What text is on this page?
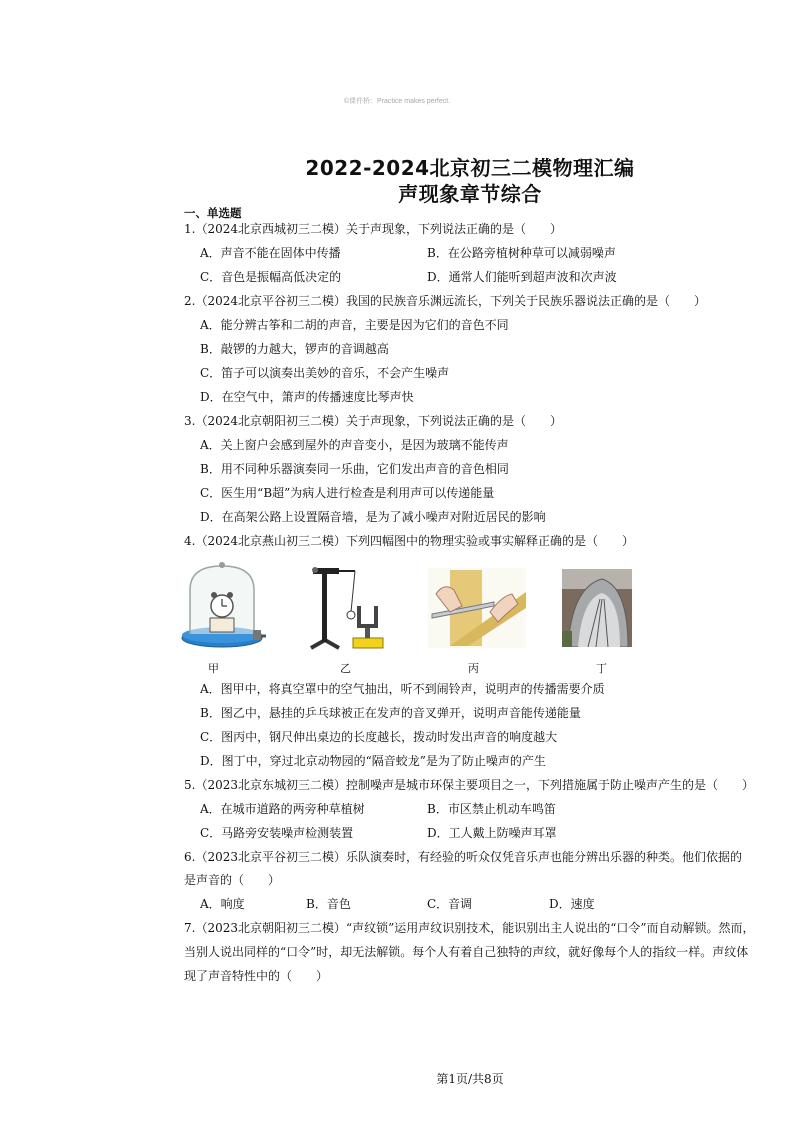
©课件桥：Practice makes perfect.
2022-2024北京初三二模物理汇编
声现象章节综合
一、单选题
1.（2024北京西城初三二模）关于声现象，下列说法正确的是（　　）
A．声音不能在固体中传播	B．在公路旁植树种草可以减弱噪声
C．音色是振幅高低决定的	D．通常人们能听到超声波和次声波
2.（2024北京平谷初三二模）我国的民族音乐渊远流长，下列关于民族乐器说法正确的是（　　）
A．能分辨古筝和二胡的声音，主要是因为它们的音色不同
B．敲锣的力越大，锣声的音调越高
C．笛子可以演奏出美妙的音乐，不会产生噪声
D．在空气中，箫声的传播速度比琴声快
3.（2024北京朝阳初三二模）关于声现象，下列说法正确的是（　　）
A．关上窗户会感到屋外的声音变小，是因为玻璃不能传声
B．用不同种乐器演奏同一乐曲，它们发出声音的音色相同
C．医生用“B超”为病人进行检查是利用声可以传递能量
D．在高架公路上设置隔音墙，是为了减小噪声对附近居民的影响
4.（2024北京燕山初三二模）下列四幅图中的物理实验或事实解释正确的是（　　）
甲	乙	丙	丁
A．图甲中，将真空罩中的空气抽出，听不到闹铃声，说明声的传播需要介质
B．图乙中，悬挂的乒乓球被正在发声的音叉弹开，说明声音能传递能量
C．图丙中，钢尺伸出桌边的长度越长，拨动时发出声音的响度越大
D．图丁中，穿过北京动物园的“隔音蛟龙”是为了防止噪声的产生
5.（2023北京东城初三二模）控制噪声是城市环保主要项目之一，下列措施属于防止噪声产生的是（　　）
A．在城市道路的两旁种草植树	B．市区禁止机动车鸣笛
C．马路旁安装噪声检测装置	D．工人戴上防噪声耳罩
6.（2023北京平谷初三二模）乐队演奏时，有经验的听众仅凭音乐声也能分辨出乐器的种类。他们依据的
是声音的（　　）
A．响度	B．音色	C．音调	D．速度
7.（2023北京朝阳初三二模）“声纹锁”运用声纹识别技术，能识别出主人说出的“口令”而自动解锁。然而，
当别人说出同样的“口令”时，却无法解锁。每个人有着自己独特的声纹，就好像每个人的指纹一样。声纹体
现了声音特性中的（　　）
第1页/共8页
